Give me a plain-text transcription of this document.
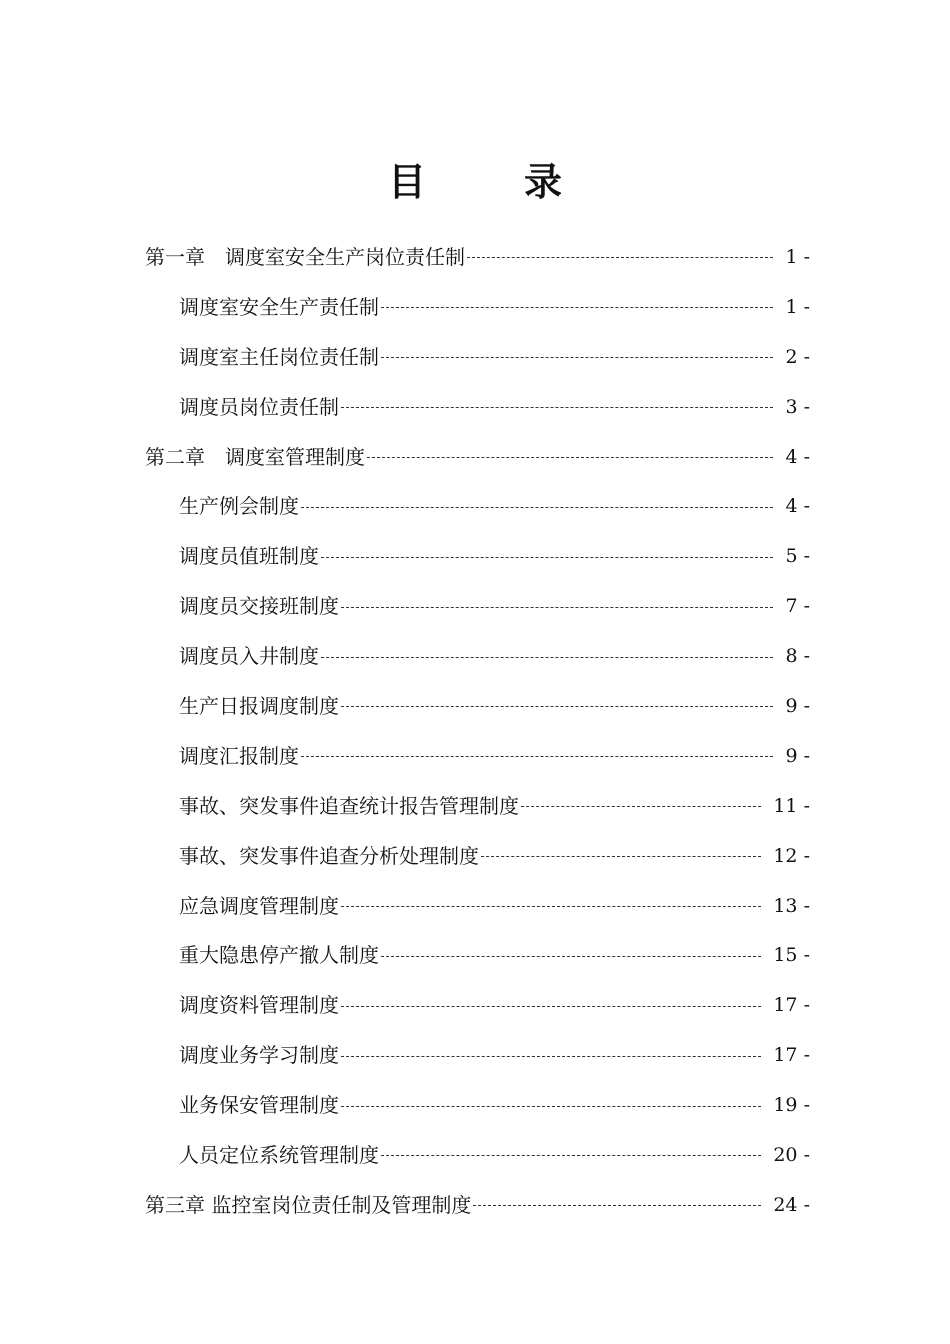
目　录
第一章　调度室安全生产岗位责任制	1 -
调度室安全生产责任制	1 -
调度室主任岗位责任制	2 -
调度员岗位责任制	3 -
第二章　调度室管理制度	4 -
生产例会制度	4 -
调度员值班制度	5 -
调度员交接班制度	7 -
调度员入井制度	8 -
生产日报调度制度	9 -
调度汇报制度	9 -
事故、突发事件追查统计报告管理制度	11 -
事故、突发事件追查分析处理制度	12 -
应急调度管理制度	13 -
重大隐患停产撤人制度	15 -
调度资料管理制度	17 -
调度业务学习制度	17 -
业务保安管理制度	19 -
人员定位系统管理制度	20 -
第三章 监控室岗位责任制及管理制度	24 -
